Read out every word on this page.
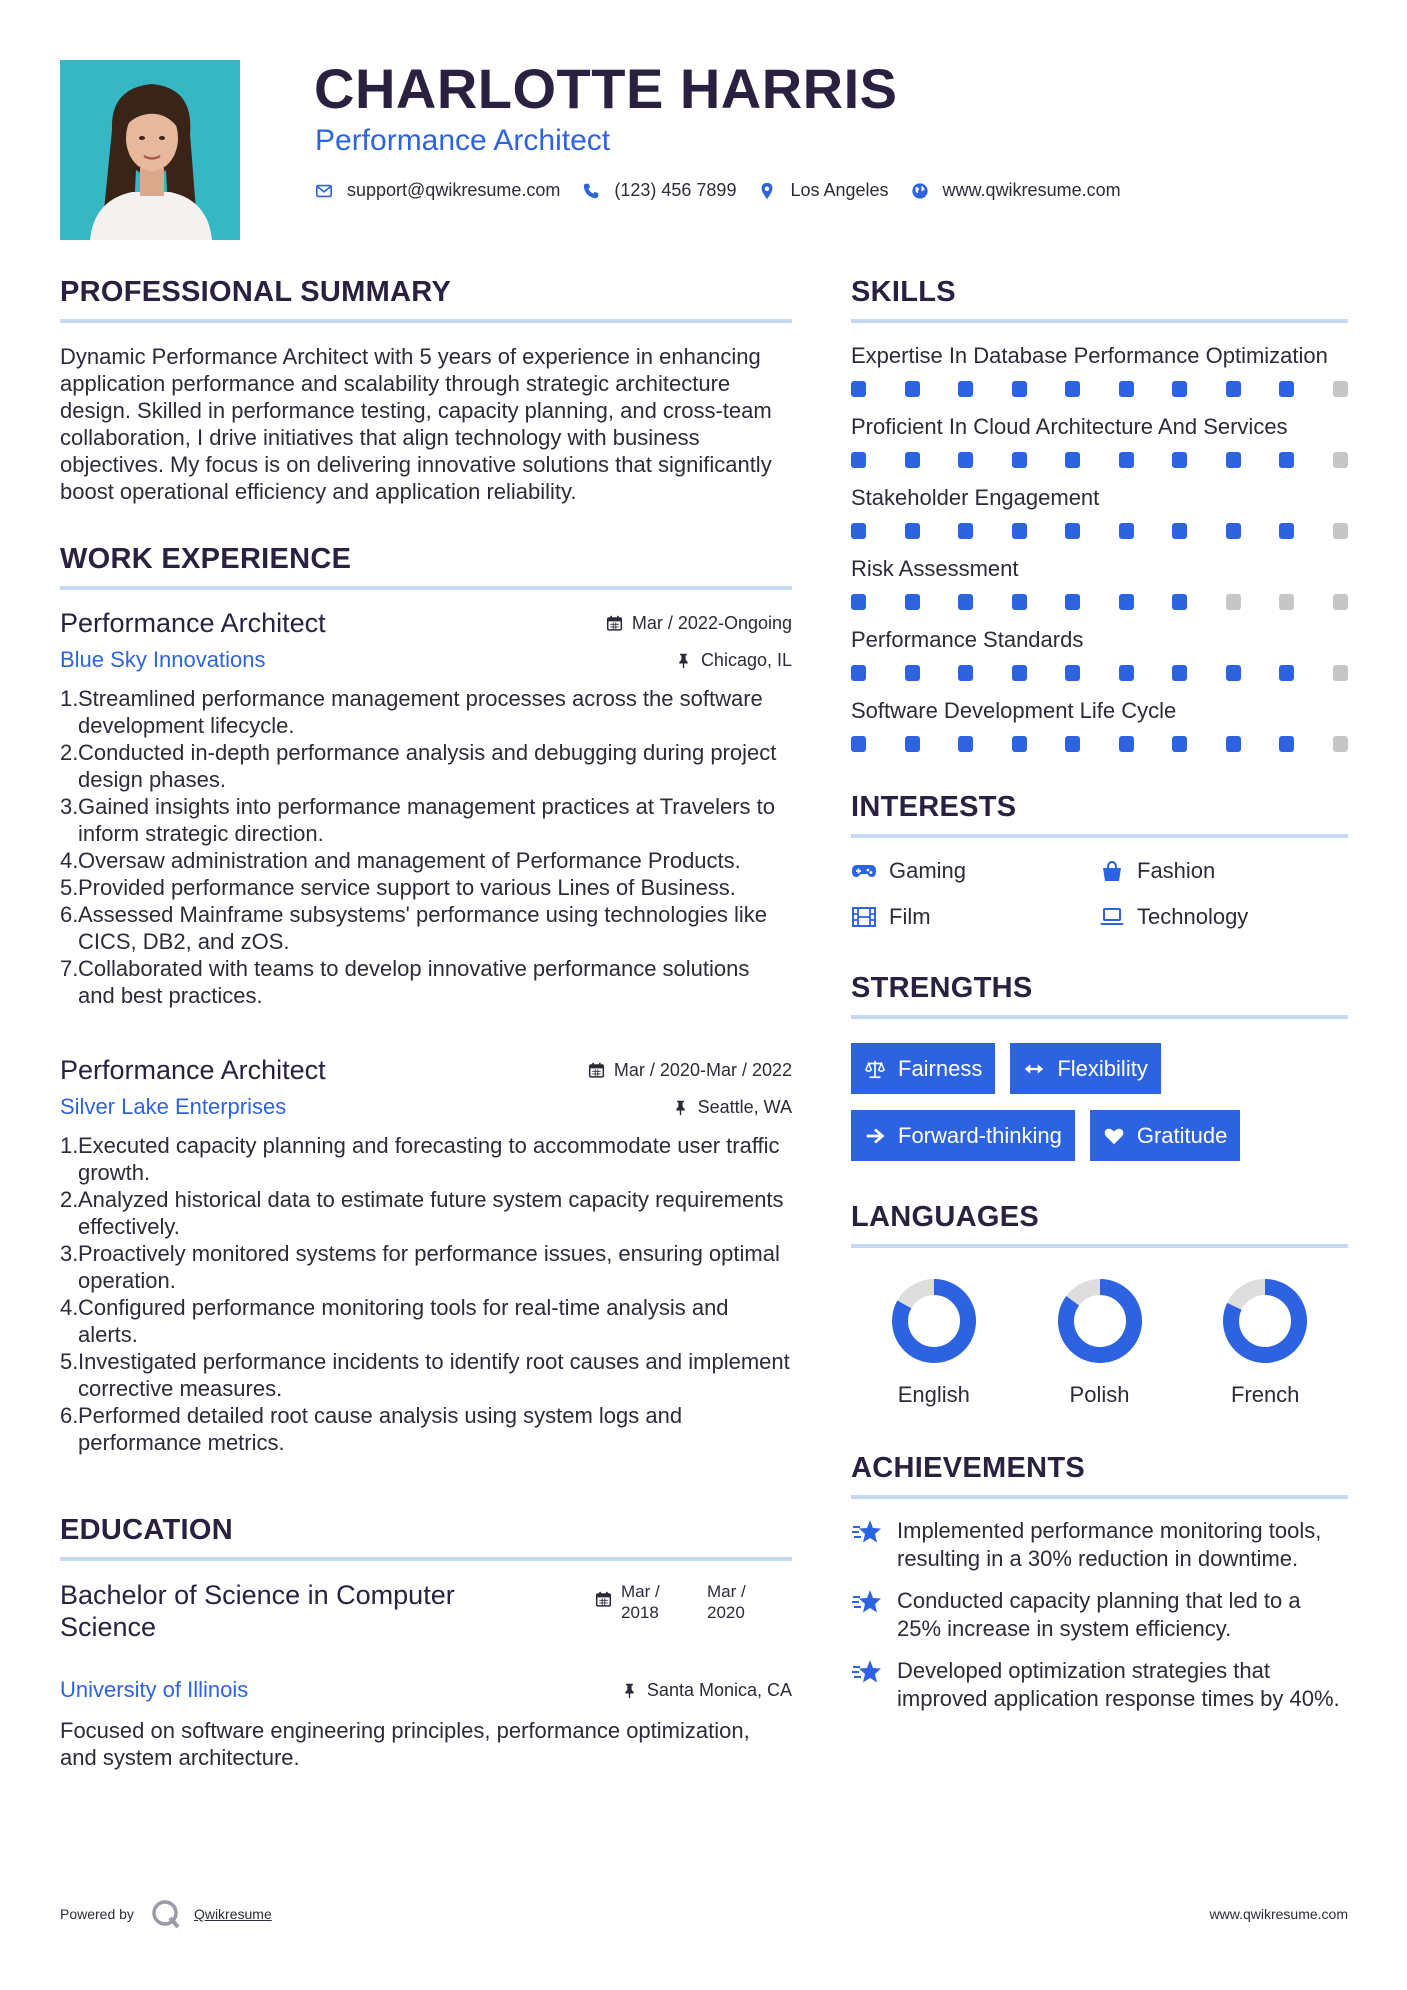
CHARLOTTE HARRIS
Performance Architect
support@qwikresume.com	(123) 456 7899	Los Angeles	www.qwikresume.com
PROFESSIONAL SUMMARY

Dynamic Performance Architect with 5 years of experience in enhancing application performance and scalability through strategic architecture design. Skilled in performance testing, capacity planning, and cross-team collaboration, I drive initiatives that align technology with business objectives. My focus is on delivering innovative solutions that significantly boost operational efficiency and application reliability.

WORK EXPERIENCE
Performance Architect	Mar / 2022-Ongoing
Blue Sky Innovations	Chicago, IL
1. Streamlined performance management processes across the software development lifecycle.
2. Conducted in-depth performance analysis and debugging during project design phases.
3. Gained insights into performance management practices at Travelers to inform strategic direction.
4. Oversaw administration and management of Performance Products.
5. Provided performance service support to various Lines of Business.
6. Assessed Mainframe subsystems' performance using technologies like CICS, DB2, and zOS.
7. Collaborated with teams to develop innovative performance solutions and best practices.
Performance Architect	Mar / 2020-Mar / 2022
Silver Lake Enterprises	Seattle, WA
1. Executed capacity planning and forecasting to accommodate user traffic growth.
2. Analyzed historical data to estimate future system capacity requirements effectively.
3. Proactively monitored systems for performance issues, ensuring optimal operation.
4. Configured performance monitoring tools for real-time analysis and alerts.
5. Investigated performance incidents to identify root causes and implement corrective measures.
6. Performed detailed root cause analysis using system logs and performance metrics.
EDUCATION
Bachelor of Science in Computer Science
Mar /
2018
Mar /
2020
University of Illinois	Santa Monica, CA

Focused on software engineering principles, performance optimization, and system architecture.

SKILLS
Expertise In Database Performance Optimization
Proficient In Cloud Architecture And Services
Stakeholder Engagement
Risk Assessment
Performance Standards
Software Development Life Cycle
INTERESTS
Gaming	Fashion
Film	Technology
STRENGTHS
Fairness	Flexibility
Forward-thinking	Gratitude
LANGUAGES
English	Polish	French
ACHIEVEMENTS
Implemented performance monitoring tools, resulting in a 30% reduction in downtime.
Conducted capacity planning that led to a 25% increase in system efficiency.
Developed optimization strategies that improved application response times by 40%.
Powered by	Qwikresume	www.qwikresume.com
